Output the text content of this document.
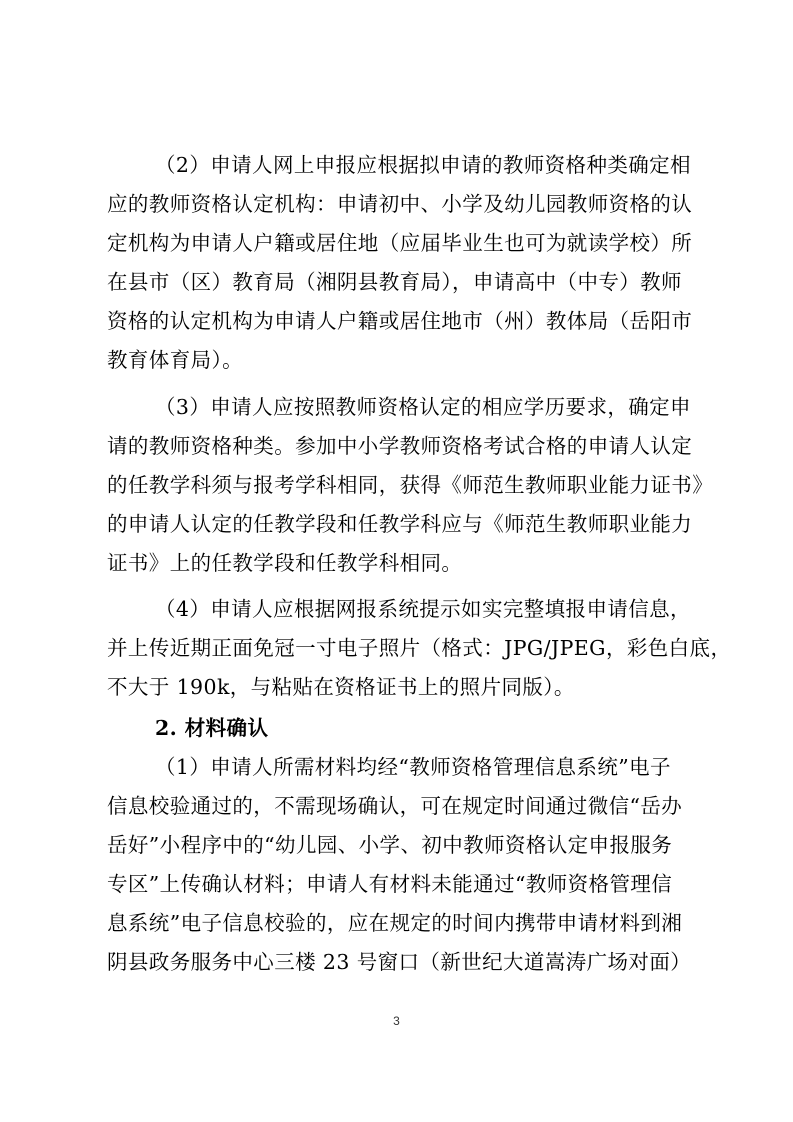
（2）申请人网上申报应根据拟申请的教师资格种类确定相
应的教师资格认定机构：申请初中、小学及幼儿园教师资格的认
定机构为申请人户籍或居住地（应届毕业生也可为就读学校）所
在县市（区）教育局（湘阴县教育局），申请高中（中专）教师
资格的认定机构为申请人户籍或居住地市（州）教体局（岳阳市
教育体育局）。
（3）申请人应按照教师资格认定的相应学历要求，确定申
请的教师资格种类。参加中小学教师资格考试合格的申请人认定
的任教学科须与报考学科相同，获得《师范生教师职业能力证书》
的申请人认定的任教学段和任教学科应与《师范生教师职业能力
证书》上的任教学段和任教学科相同。
（4）申请人应根据网报系统提示如实完整填报申请信息，
并上传近期正面免冠一寸电子照片（格式：JPG/JPEG，彩色白底，
不大于 190k，与粘贴在资格证书上的照片同版）。
2. 材料确认
（1）申请人所需材料均经“教师资格管理信息系统”电子
信息校验通过的，不需现场确认，可在规定时间通过微信“岳办
岳好”小程序中的“幼儿园、小学、初中教师资格认定申报服务
专区”上传确认材料；申请人有材料未能通过“教师资格管理信
息系统”电子信息校验的，应在规定的时间内携带申请材料到湘
阴县政务服务中心三楼 23 号窗口（新世纪大道嵩涛广场对面）
3
